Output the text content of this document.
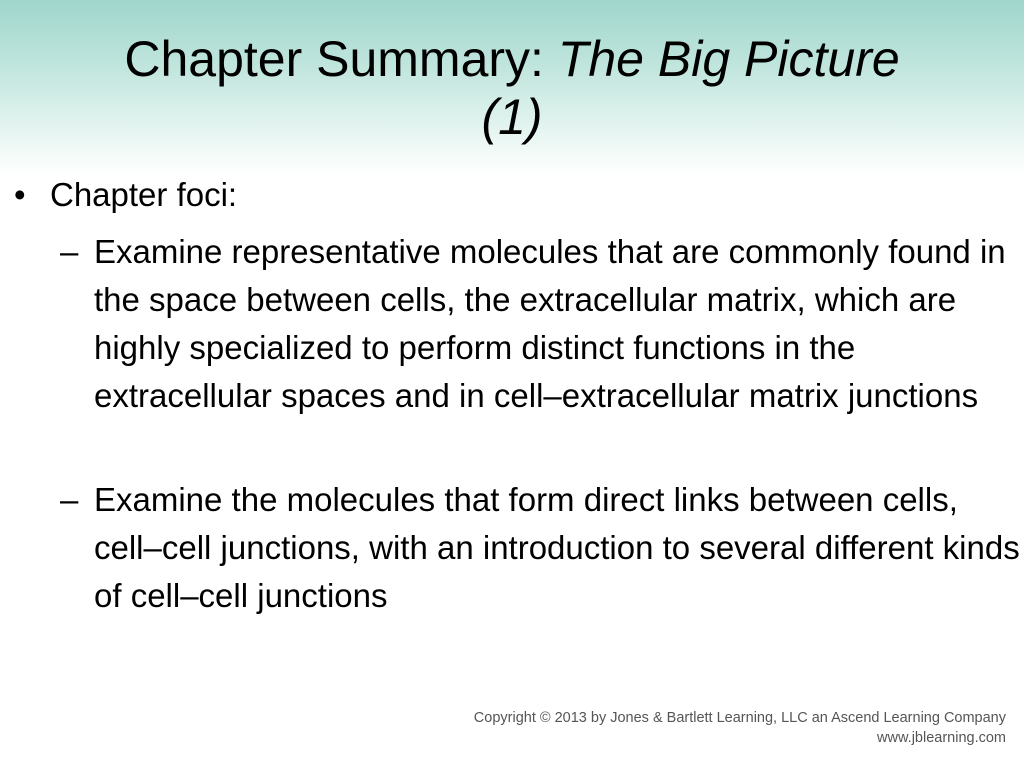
Chapter Summary: The Big Picture
(1)
• Chapter foci:
– Examine representative molecules that are commonly found in the space between cells, the extracellular matrix, which are highly specialized to perform distinct functions in the extracellular spaces and in cell–extracellular matrix junctions
– Examine the molecules that form direct links between cells, cell–cell junctions, with an introduction to several different kinds of cell–cell junctions
Copyright © 2013 by Jones & Bartlett Learning, LLC an Ascend Learning Company
www.jblearning.com
